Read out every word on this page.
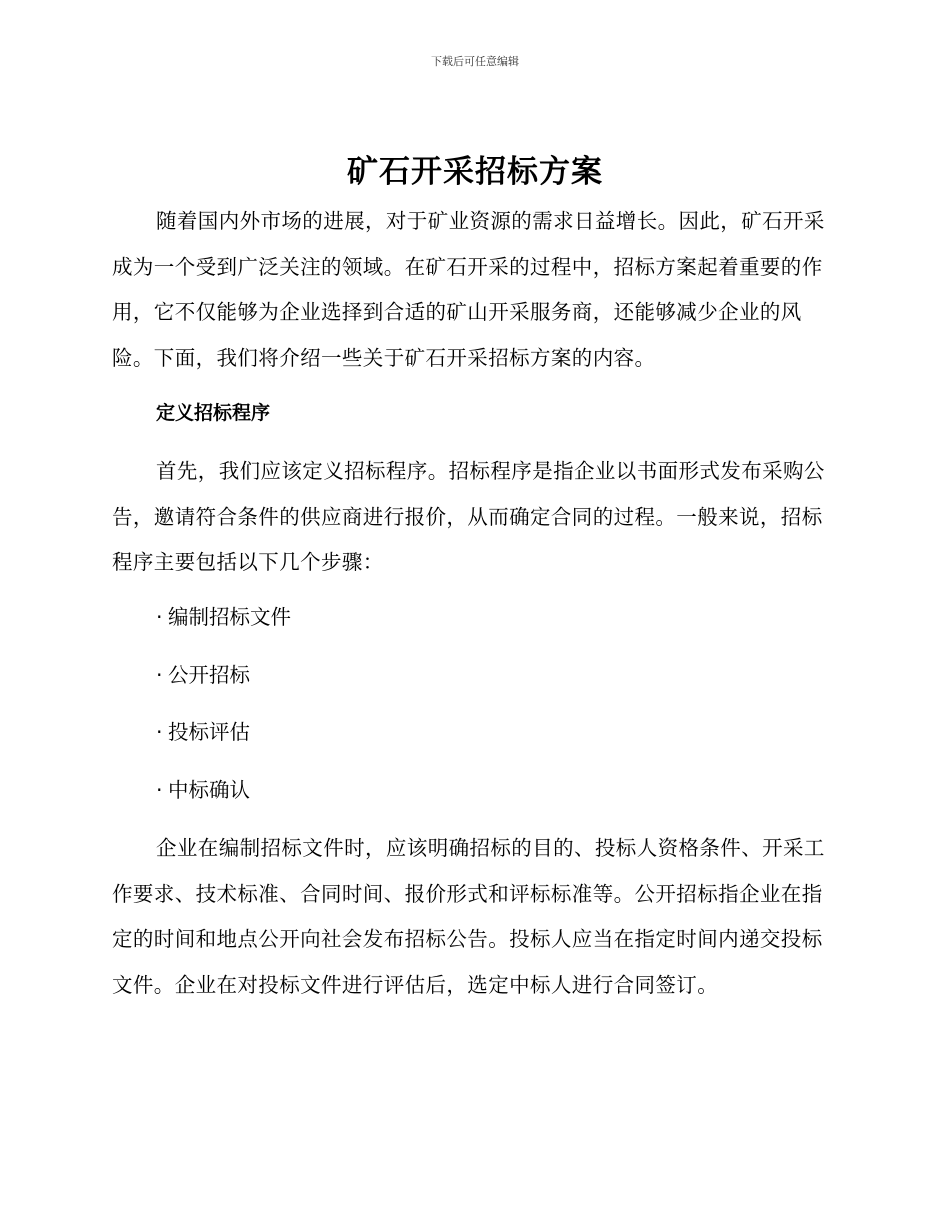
下载后可任意编辑
矿石开采招标方案

随着国内外市场的进展，对于矿业资源的需求日益增长。因此，矿石开采成为一个受到广泛关注的领域。在矿石开采的过程中，招标方案起着重要的作用，它不仅能够为企业选择到合适的矿山开采服务商，还能够减少企业的风险。下面，我们将介绍一些关于矿石开采招标方案的内容。

定义招标程序

首先，我们应该定义招标程序。招标程序是指企业以书面形式发布采购公告，邀请符合条件的供应商进行报价，从而确定合同的过程。一般来说，招标程序主要包括以下几个步骤：

· 编制招标文件
· 公开招标
· 投标评估
· 中标确认

企业在编制招标文件时，应该明确招标的目的、投标人资格条件、开采工作要求、技术标准、合同时间、报价形式和评标标准等。公开招标指企业在指定的时间和地点公开向社会发布招标公告。投标人应当在指定时间内递交投标文件。企业在对投标文件进行评估后，选定中标人进行合同签订。
